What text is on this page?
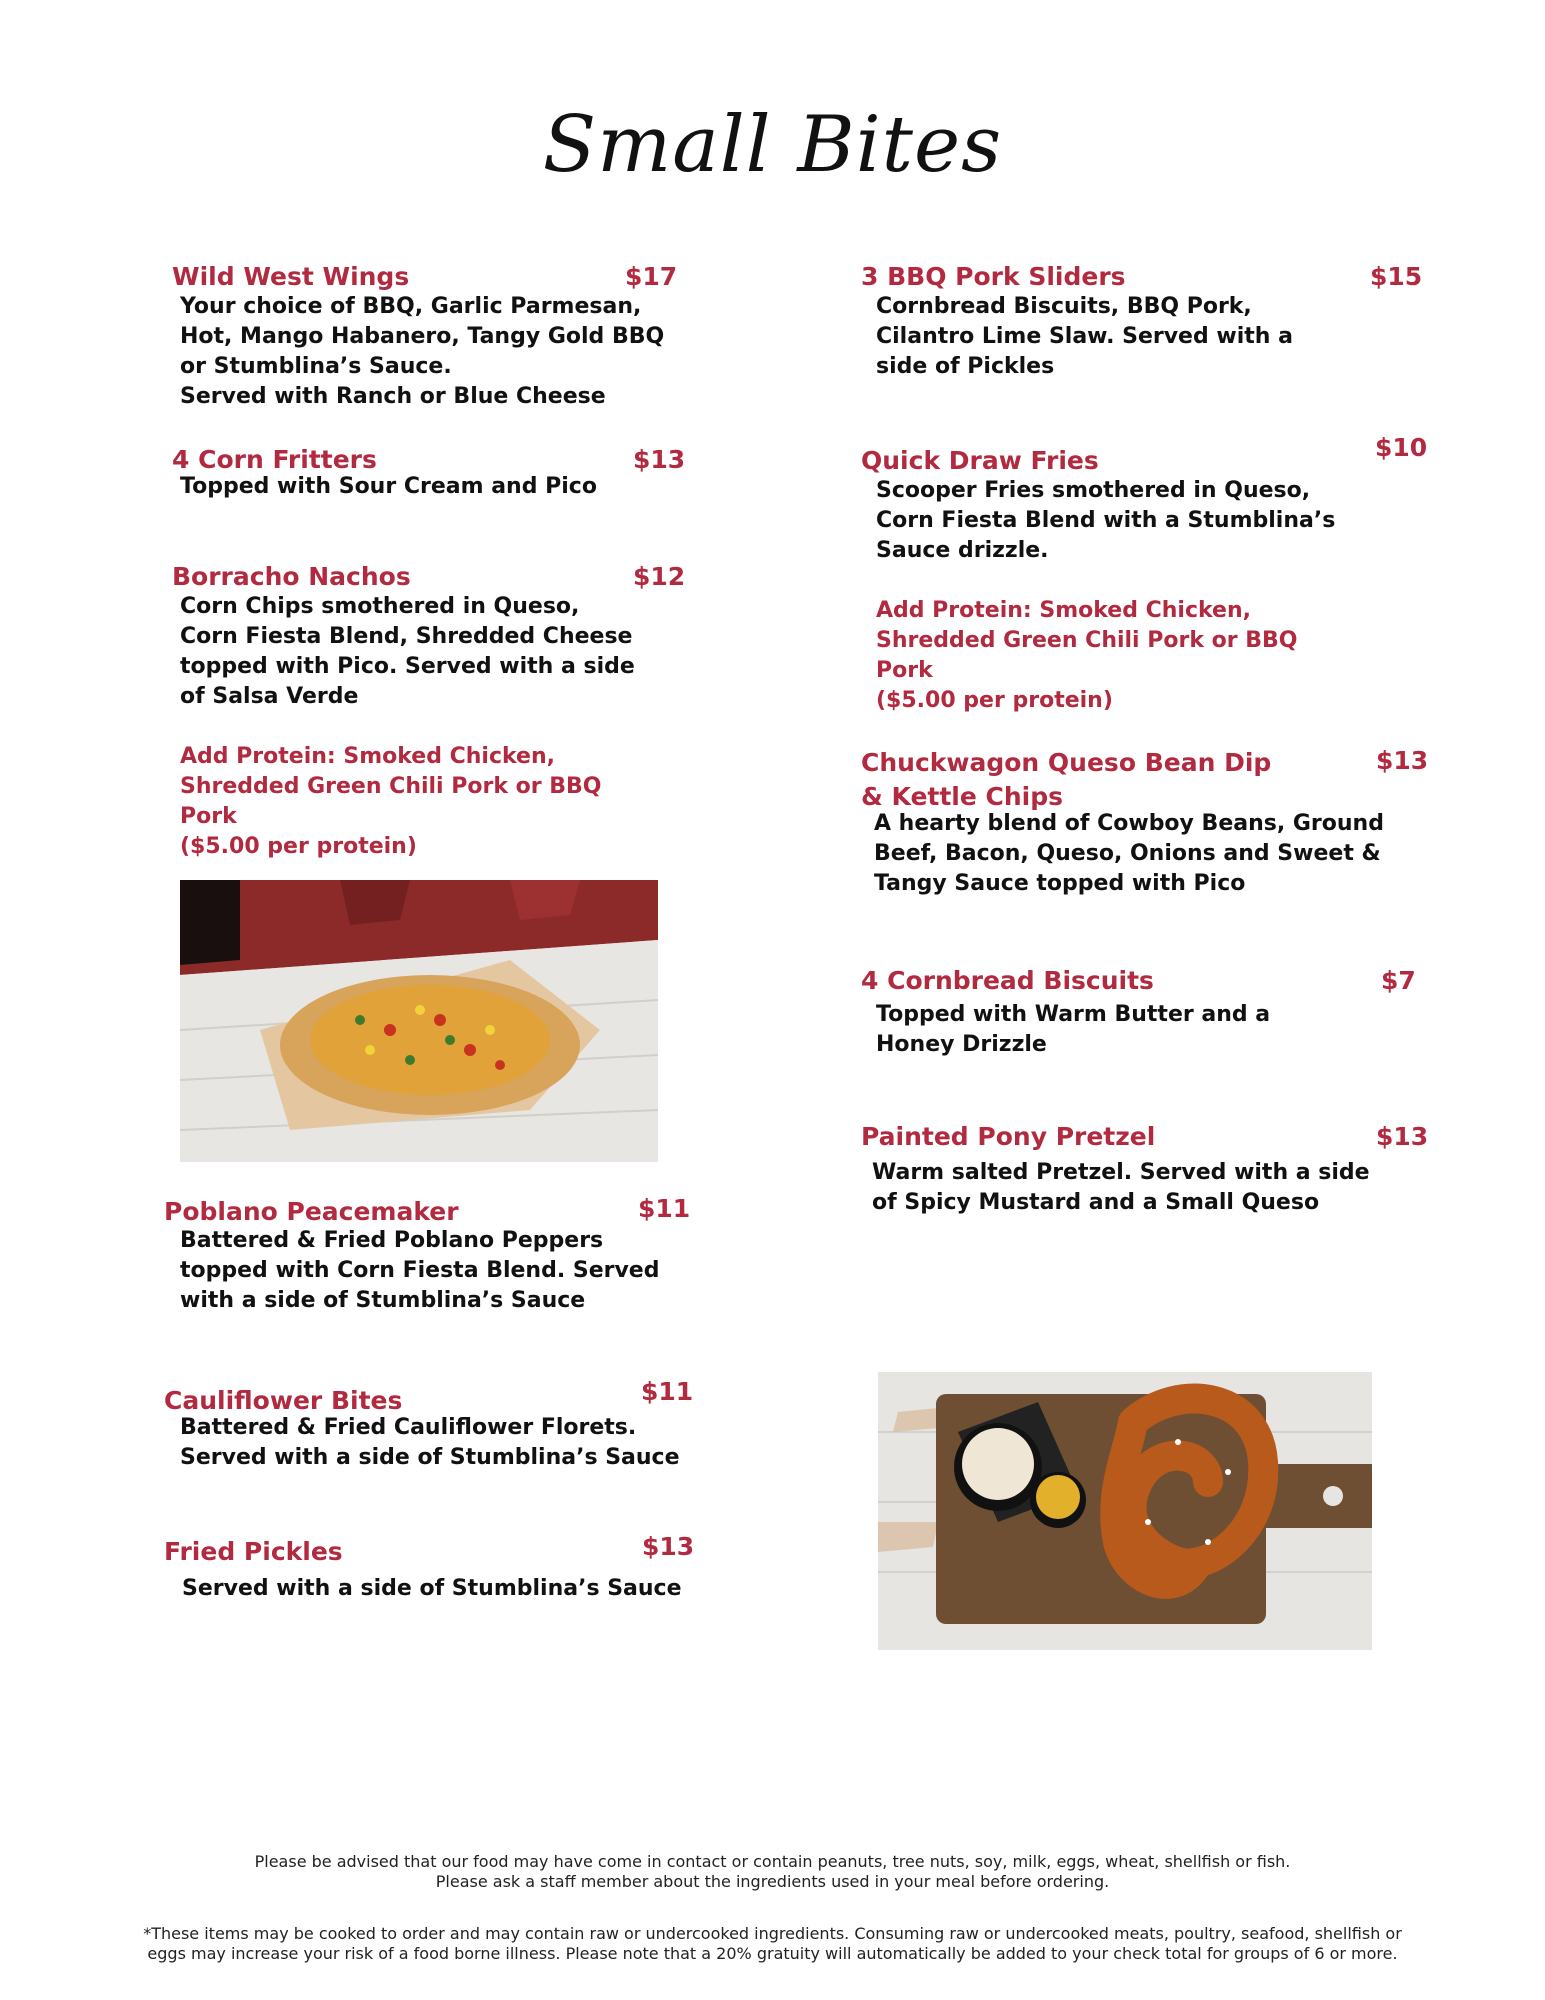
Small Bites
Wild West Wings	$17
Your choice of BBQ, Garlic Parmesan, Hot, Mango Habanero, Tangy Gold BBQ or Stumblina’s Sauce.
Served with Ranch or Blue Cheese
4 Corn Fritters	$13
Topped with Sour Cream and Pico
Borracho Nachos	$12
Corn Chips smothered in Queso, Corn Fiesta Blend, Shredded Cheese topped with Pico. Served with a side of Salsa Verde
Add Protein: Smoked Chicken, Shredded Green Chili Pork or BBQ Pork
($5.00 per protein)
Poblano Peacemaker	$11
Battered & Fried Poblano Peppers topped with Corn Fiesta Blend. Served with a side of Stumblina’s Sauce
Cauliflower Bites	$11
Battered & Fried Cauliflower Florets.
Served with a side of Stumblina’s Sauce
Fried Pickles	$13
Served with a side of Stumblina’s Sauce
3 BBQ Pork Sliders	$15
Cornbread Biscuits, BBQ Pork,
Cilantro Lime Slaw. Served with a side of Pickles
Quick Draw Fries	$10
Scooper Fries smothered in Queso, Corn Fiesta Blend with a Stumblina’s Sauce drizzle.
Add Protein: Smoked Chicken, Shredded Green Chili Pork or BBQ Pork
($5.00 per protein)
Chuckwagon Queso Bean Dip
& Kettle Chips
$13
A hearty blend of Cowboy Beans, Ground Beef, Bacon, Queso, Onions and Sweet & Tangy Sauce topped with Pico
4 Cornbread Biscuits	$7
Topped with Warm Butter and a Honey Drizzle
Painted Pony Pretzel	$13
Warm salted Pretzel. Served with a side of Spicy Mustard and a Small Queso
Please be advised that our food may have come in contact or contain peanuts, tree nuts, soy, milk, eggs, wheat, shellfish or fish.
Please ask a staff member about the ingredients used in your meal before ordering.
*These items may be cooked to order and may contain raw or undercooked ingredients. Consuming raw or undercooked meats, poultry, seafood, shellfish or eggs may increase your risk of a food borne illness. Please note that a 20% gratuity will automatically be added to your check total for groups of 6 or more.
